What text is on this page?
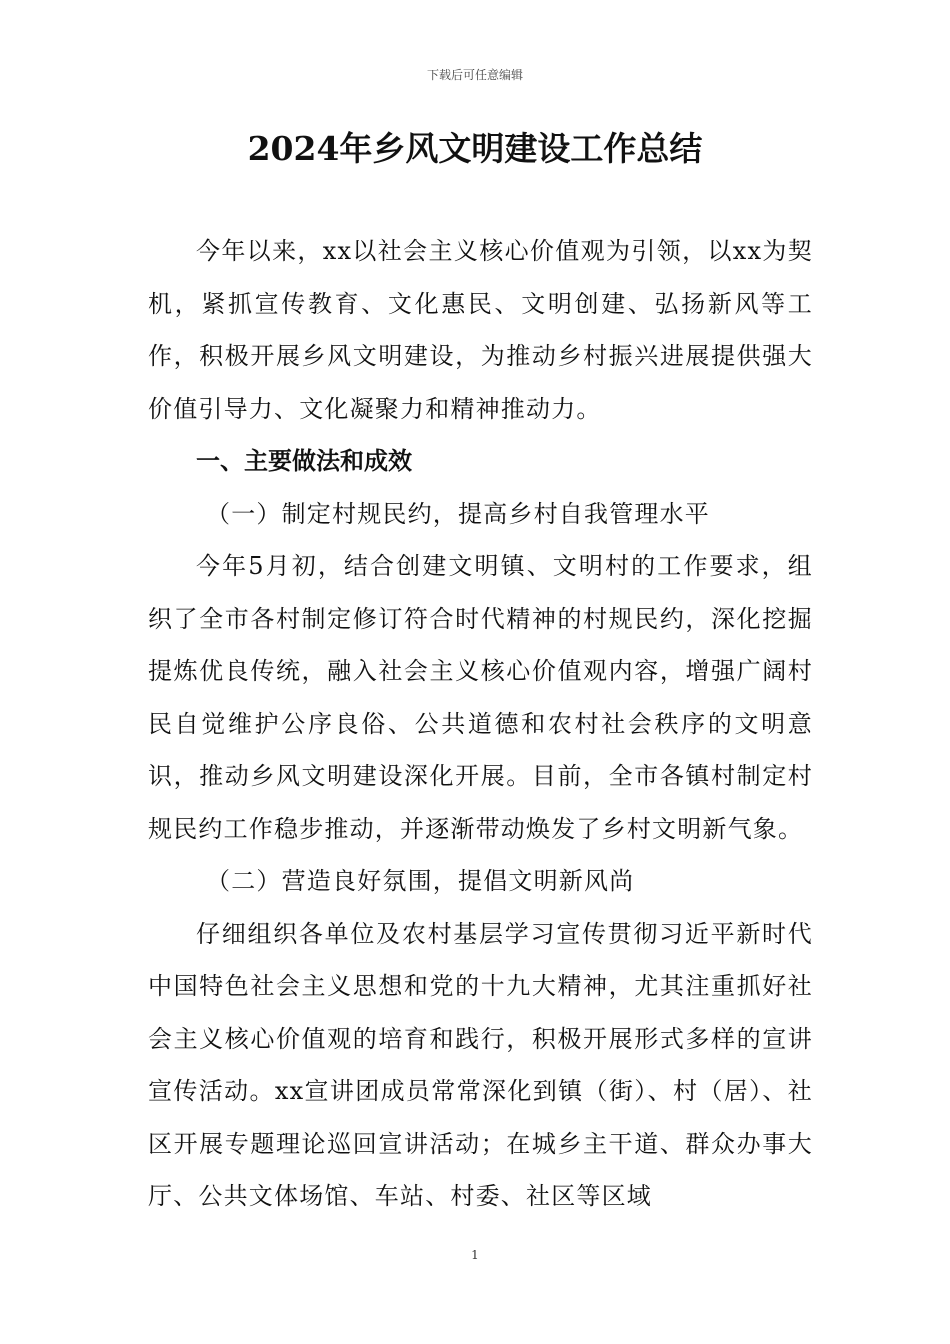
下载后可任意编辑
2024年乡风文明建设工作总结

今年以来，xx以社会主义核心价值观为引领，以xx为契机，紧抓宣传教育、文化惠民、文明创建、弘扬新风等工作，积极开展乡风文明建设，为推动乡村振兴进展提供强大价值引导力、文化凝聚力和精神推动力。

一、主要做法和成效

（一）制定村规民约，提高乡村自我管理水平

今年5月初，结合创建文明镇、文明村的工作要求，组织了全市各村制定修订符合时代精神的村规民约，深化挖掘提炼优良传统，融入社会主义核心价值观内容，增强广阔村民自觉维护公序良俗、公共道德和农村社会秩序的文明意识，推动乡风文明建设深化开展。目前，全市各镇村制定村规民约工作稳步推动，并逐渐带动焕发了乡村文明新气象。

（二）营造良好氛围，提倡文明新风尚

仔细组织各单位及农村基层学习宣传贯彻习近平新时代中国特色社会主义思想和党的十九大精神，尤其注重抓好社会主义核心价值观的培育和践行，积极开展形式多样的宣讲宣传活动。xx宣讲团成员常常深化到镇（街）、村（居）、社区开展专题理论巡回宣讲活动；在城乡主干道、群众办事大厅、公共文体场馆、车站、村委、社区等区域

1
